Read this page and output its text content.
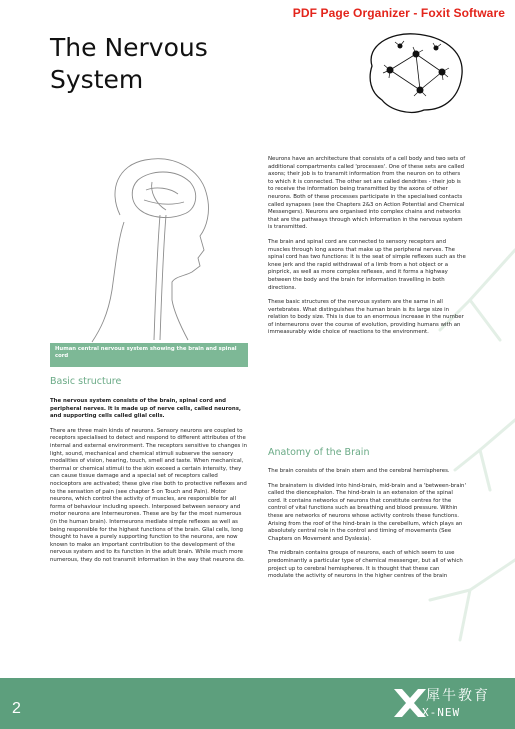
PDF Page Organizer - Foxit Software
The Nervous
System
Human central nervous system showing the brain and spinal cord
Basic structure

The nervous system consists of the brain, spinal cord and peripheral nerves. It is made up of nerve cells, called neurons, and supporting cells called glial cells.

There are three main kinds of neurons. Sensory neurons are coupled to receptors specialised to detect and respond to different attributes of the internal and external environment. The receptors sensitive to changes in light, sound, mechanical and chemical stimuli subserve the sensory modalities of vision, hearing, touch, smell and taste. When mechanical, thermal or chemical stimuli to the skin exceed a certain intensity, they can cause tissue damage and a special set of receptors called nociceptors are activated; these give rise both to protective reflexes and to the sensation of pain (see chapter 5 on Touch and Pain). Motor neurons, which control the activity of muscles, are responsible for all forms of behaviour including speech. Interposed between sensory and motor neurons are Interneurones. These are by far the most numerous (in the human brain). Interneurons mediate simple reflexes as well as being responsible for the highest functions of the brain. Glial cells, long thought to have a purely supporting function to the neurons, are now known to make an important contribution to the development of the nervous system and to its function in the adult brain. While much more numerous, they do not transmit information in the way that neurons do.

Neurons have an architecture that consists of a cell body and two sets of additional compartments called 'processes'. One of these sets are called axons; their job is to transmit information from the neuron on to others to which it is connected. The other set are called dendrites - their job is to receive the information being transmitted by the axons of other neurons. Both of these processes participate in the specialised contacts called synapses (see the Chapters 2&3 on Action Potential and Chemical Messengers). Neurons are organised into complex chains and networks that are the pathways through which information in the nervous system is transmitted.

The brain and spinal cord are connected to sensory receptors and muscles through long axons that make up the peripheral nerves. The spinal cord has two functions: it is the seat of simple reflexes such as the knee jerk and the rapid withdrawal of a limb from a hot object or a pinprick, as well as more complex reflexes, and it forms a highway between the body and the brain for information travelling in both directions.

These basic structures of the nervous system are the same in all vertebrates. What distinguishes the human brain is its large size in relation to body size. This is due to an enormous increase in the number of interneurons over the course of evolution, providing humans with an immeasurably wide choice of reactions to the environment.

Anatomy of the Brain

The brain consists of the brain stem and the cerebral hemispheres.

The brainstem is divided into hind-brain, mid-brain and a 'between-brain' called the diencephalon. The hind-brain is an extension of the spinal cord. It contains networks of neurons that constitute centres for the control of vital functions such as breathing and blood pressure. Within these are networks of neurons whose activity controls these functions. Arising from the roof of the hind-brain is the cerebellum, which plays an absolutely central role in the control and timing of movements (See Chapters on Movement and Dyslexia).

The midbrain contains groups of neurons, each of which seem to use predominantly a particular type of chemical messenger, but all of which project up to cerebral hemispheres. It is thought that these can modulate the activity of neurons in the higher centres of the brain

2
犀牛教育
X-NEW
